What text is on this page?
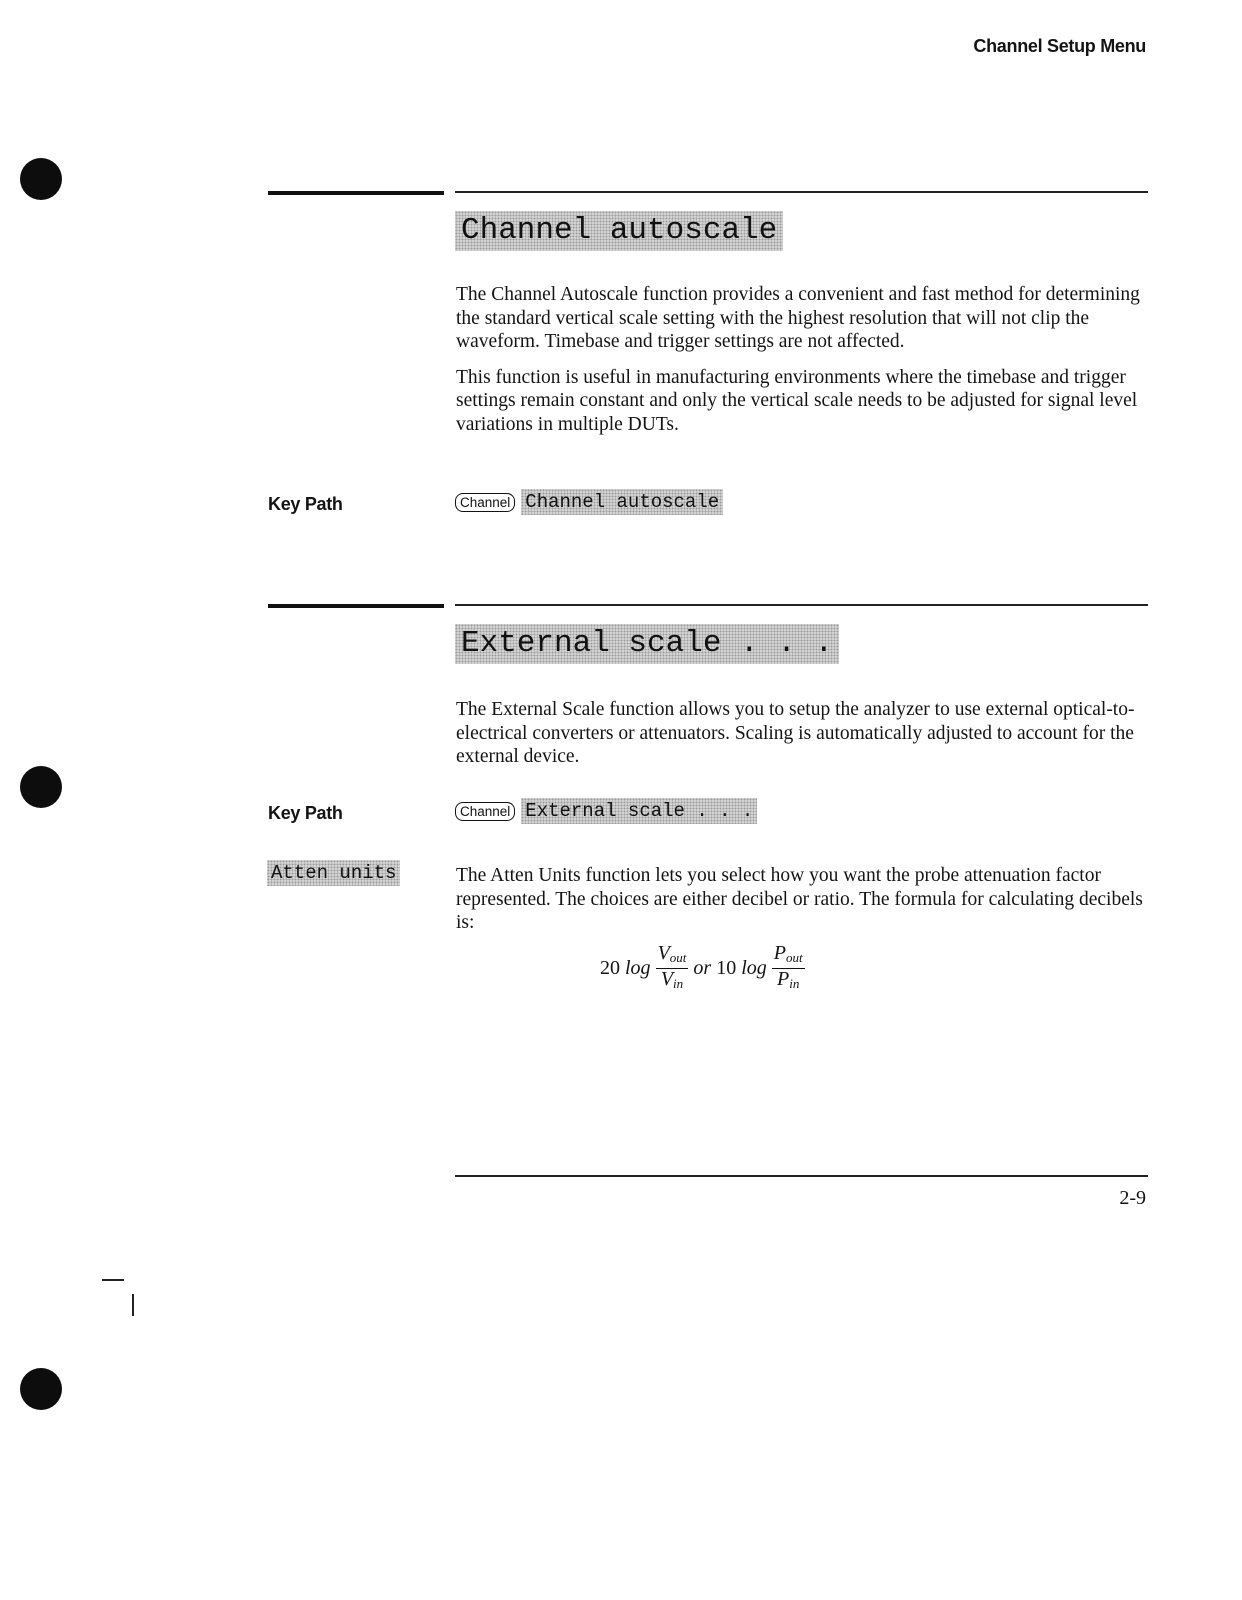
Channel Setup Menu
Channel autoscale

The Channel Autoscale function provides a convenient and fast method for determining the standard vertical scale setting with the highest resolution that will not clip the waveform. Timebase and trigger settings are not affected.

This function is useful in manufacturing environments where the timebase and trigger settings remain constant and only the vertical scale needs to be adjusted for signal level variations in multiple DUTs.

Key Path	Channel Channel autoscale
External scale . . .

The External Scale function allows you to setup the analyzer to use external optical-to-electrical converters or attenuators. Scaling is automatically adjusted to account for the external device.

Key Path	Channel External scale . . .
Atten units	The Atten Units function lets you select how you want the probe attenuation factor represented. The choices are either decibel or ratio. The formula for calculating decibels is:

20 $\log \frac{V_{out}}{V_{in}}$ or 10 $\log \frac{P_{out}}{P_{in}}$
2-9
